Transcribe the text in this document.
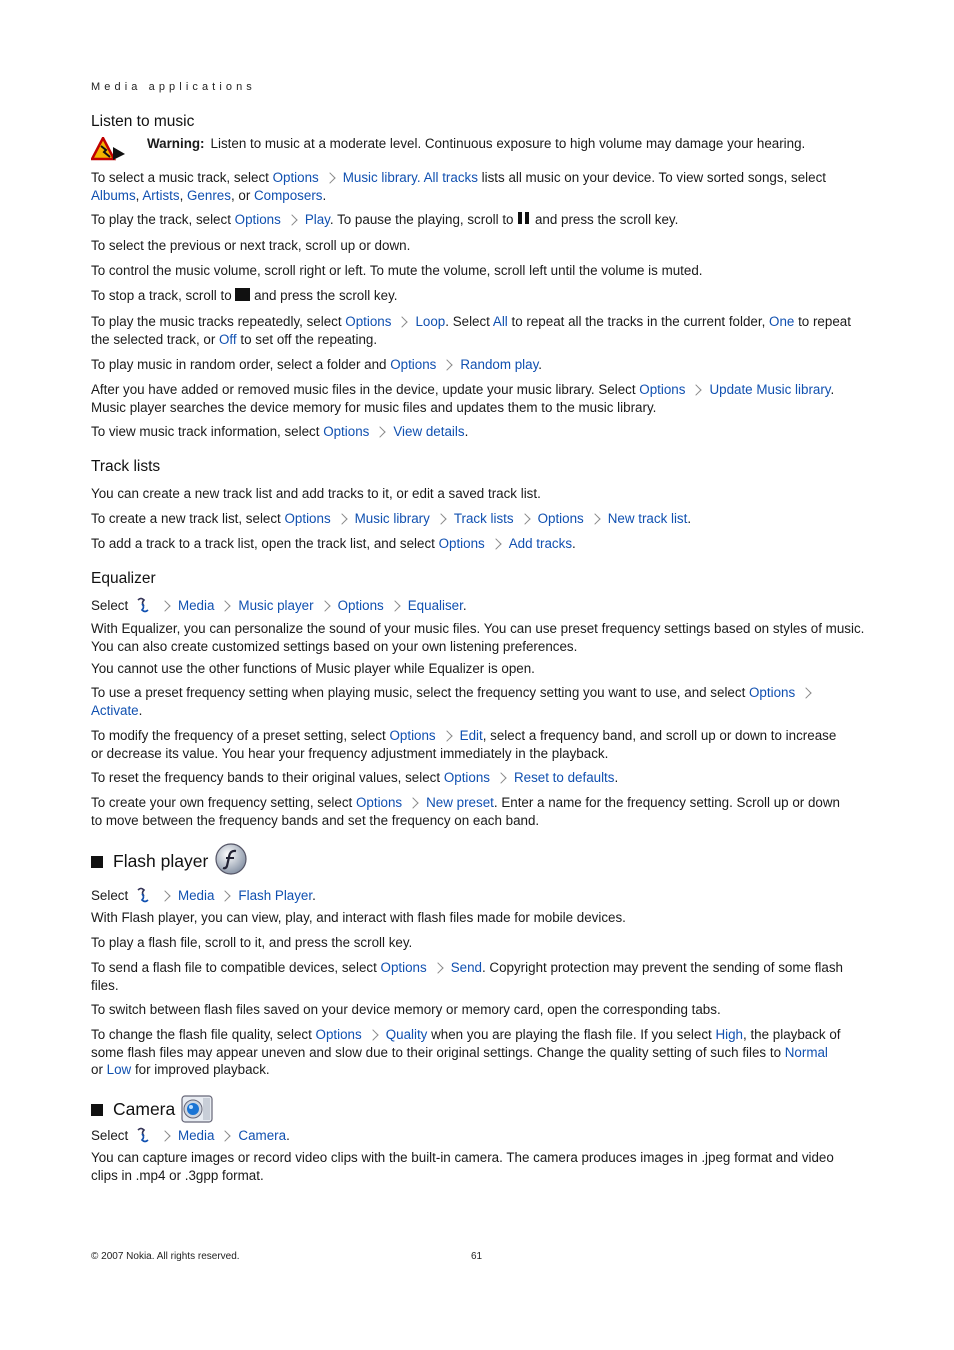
Media applications
Listen to music
Warning: Listen to music at a moderate level. Continuous exposure to high volume may damage your hearing.
To select a music track, select Options Music library. All tracks lists all music on your device. To view sorted songs, select
Albums, Artists, Genres, or Composers.
To play the track, select Options Play. To pause the playing, scroll to  and press the scroll key.
To select the previous or next track, scroll up or down.
To control the music volume, scroll right or left. To mute the volume, scroll left until the volume is muted.
To stop a track, scroll to  and press the scroll key.
To play the music tracks repeatedly, select Options Loop. Select All to repeat all the tracks in the current folder, One to repeat
the selected track, or Off to set off the repeating.
To play music in random order, select a folder and Options Random play.
After you have added or removed music files in the device, update your music library. Select Options Update Music library.
Music player searches the device memory for music files and updates them to the music library.
To view music track information, select Options View details.
Track lists
You can create a new track list and add tracks to it, or edit a saved track list.
To create a new track list, select Options Music library Track lists Options New track list.
To add a track to a track list, open the track list, and select Options Add tracks.
Equalizer
Select	Media Music player Options Equaliser.
With Equalizer, you can personalize the sound of your music files. You can use preset frequency settings based on styles of music.
You can also create customized settings based on your own listening preferences.
You cannot use the other functions of Music player while Equalizer is open.
To use a preset frequency setting when playing music, select the frequency setting you want to use, and select Options
Activate.
To modify the frequency of a preset setting, select Options Edit, select a frequency band, and scroll up or down to increase
or decrease its value. You hear your frequency adjustment immediately in the playback.
To reset the frequency bands to their original values, select Options Reset to defaults.
To create your own frequency setting, select Options New preset. Enter a name for the frequency setting. Scroll up or down
to move between the frequency bands and set the frequency on each band.
Flash player
Select	Media Flash Player.
With Flash player, you can view, play, and interact with flash files made for mobile devices.
To play a flash file, scroll to it, and press the scroll key.
To send a flash file to compatible devices, select Options Send. Copyright protection may prevent the sending of some flash
files.
To switch between flash files saved on your device memory or memory card, open the corresponding tabs.
To change the flash file quality, select Options Quality when you are playing the flash file. If you select High, the playback of
some flash files may appear uneven and slow due to their original settings. Change the quality setting of such files to Normal
or Low for improved playback.
Camera
Select	Media Camera.
You can capture images or record video clips with the built-in camera. The camera produces images in .jpeg format and video
clips in .mp4 or .3gpp format.
© 2007 Nokia. All rights reserved.	61
